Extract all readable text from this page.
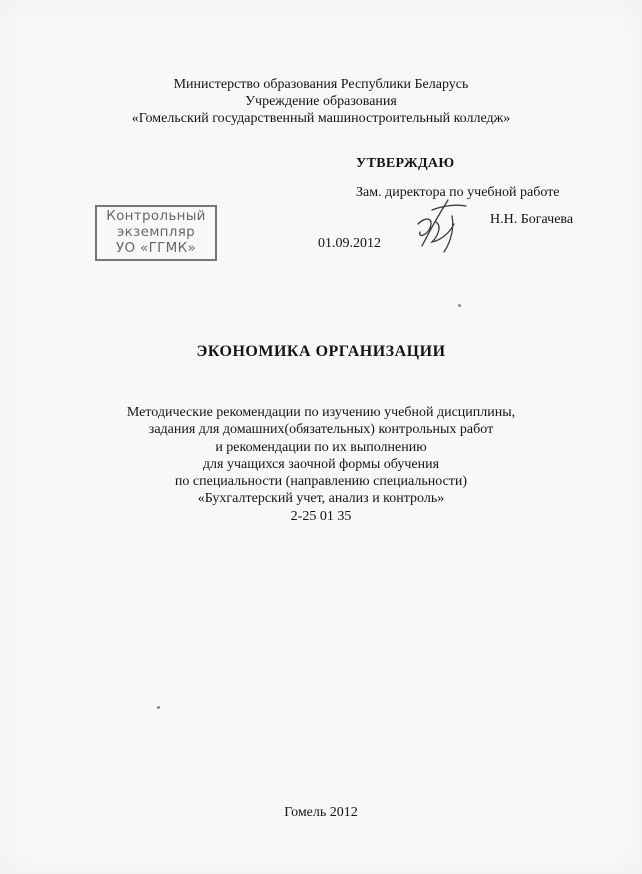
Министерство образования Республики Беларусь
Учреждение образования
«Гомельский государственный машиностроительный колледж»
УТВЕРЖДАЮ
Зам. директора по учебной работе
Н.Н. Богачева
01.09.2012
Контрольный
экземпляр
УО «ГГМК»
ЭКОНОМИКА ОРГАНИЗАЦИИ
Методические рекомендации по изучению учебной дисциплины,
задания для домашних(обязательных) контрольных работ
и рекомендации по их выполнению
для учащихся заочной формы обучения
по специальности (направлению специальности)
«Бухгалтерский учет, анализ и контроль»
2-25 01 35
Гомель 2012
